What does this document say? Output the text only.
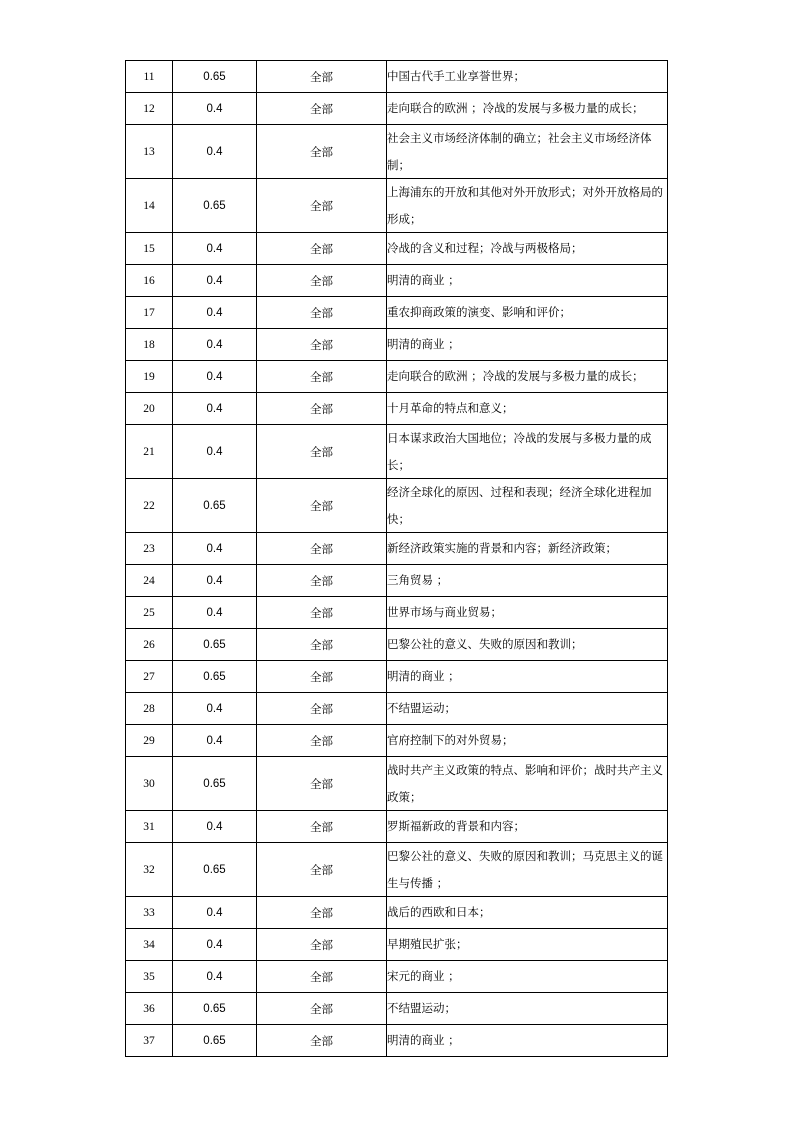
11	0.65	全部	中国古代手工业享誉世界；
12	0.4	全部	走向联合的欧洲 ；冷战的发展与多极力量的成长；
13	0.4	全部	社会主义市场经济体制的确立；社会主义市场经济体制；
14	0.65	全部	上海浦东的开放和其他对外开放形式；对外开放格局的形成；
15	0.4	全部	冷战的含义和过程；冷战与两极格局；
16	0.4	全部	明清的商业 ；
17	0.4	全部	重农抑商政策的演变、影响和评价；
18	0.4	全部	明清的商业 ；
19	0.4	全部	走向联合的欧洲 ；冷战的发展与多极力量的成长；
20	0.4	全部	十月革命的特点和意义；
21	0.4	全部	日本谋求政治大国地位；冷战的发展与多极力量的成长；
22	0.65	全部	经济全球化的原因、过程和表现；经济全球化进程加快；
23	0.4	全部	新经济政策实施的背景和内容；新经济政策；
24	0.4	全部	三角贸易 ；
25	0.4	全部	世界市场与商业贸易；
26	0.65	全部	巴黎公社的意义、失败的原因和教训；
27	0.65	全部	明清的商业 ；
28	0.4	全部	不结盟运动；
29	0.4	全部	官府控制下的对外贸易；
30	0.65	全部	战时共产主义政策的特点、影响和评价；战时共产主义政策；
31	0.4	全部	罗斯福新政的背景和内容；
32	0.65	全部	巴黎公社的意义、失败的原因和教训；马克思主义的诞生与传播 ；
33	0.4	全部	战后的西欧和日本；
34	0.4	全部	早期殖民扩张；
35	0.4	全部	宋元的商业 ；
36	0.65	全部	不结盟运动；
37	0.65	全部	明清的商业 ；
